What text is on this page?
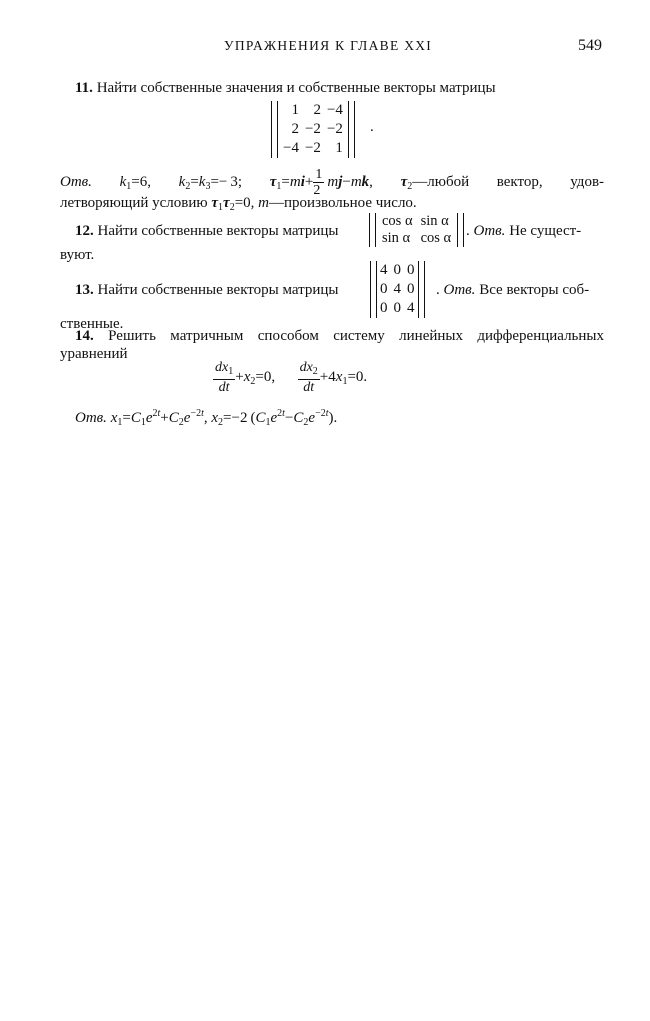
УПРАЖНЕНИЯ К ГЛАВЕ XXI	549
11. Найти собственные значения и собственные векторы матрицы
1	2	−4
2	−2	−2
−4	−2	1
.
Отв. $k_1=6$, $k_2=k_3=- 3$; $\tau_1=mi+ \frac{1}{2}$
  mj−mk, $\tau_2—любой$ вектор, удов-
летворяющий условию $\tau_1\tau_2=0$, m—произвольное число.
12. Найти собственные векторы матрицы
cos α	sin α
sin α	cos α . Отв. Не сущест-
вуют.
13. Найти собственные векторы матрицы
4	0	0
0	4	0
0	0	4
. Отв. Все векторы соб-
ственные.
14. Решить матричным способом систему линейных дифференциальных
уравнений
$\frac{dx_1}{dt} +x_2=0$,   $\frac{dx_2}{dt} +4x_1=0$.
Отв. $x_1=C_1e^{2t}+C_2e^{-2t}$, $x_2=-2$ $(C_1e^{2t}-C_2e^{-2t})$.
